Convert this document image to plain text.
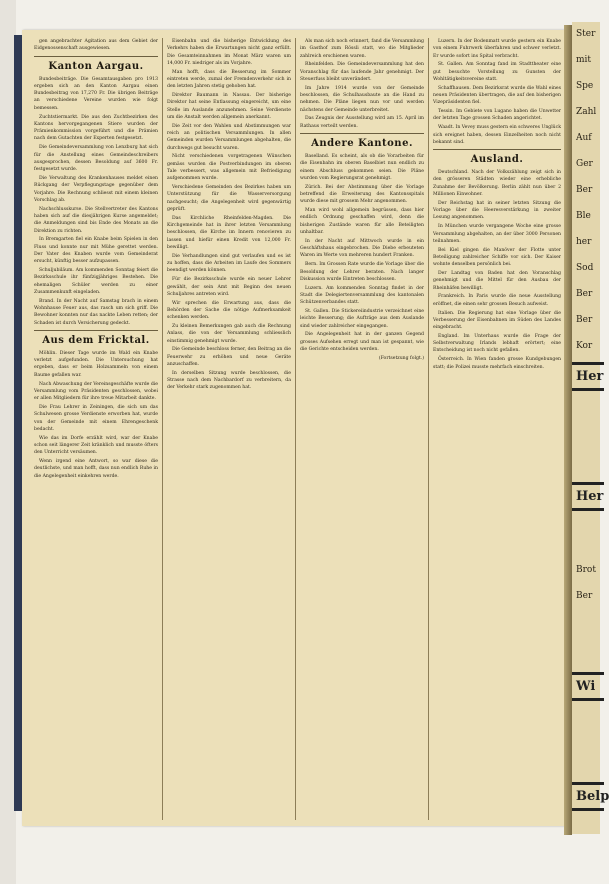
gen angebrachter Agitation aus dem Gebiet der Eidgenossenschaft ausgewiesen.

Kanton Aargau.

Bundesbeiträge. Die Gesamtausgaben pro 1913 ergeben sich an den Kanton Aargau einen Bundesbeitrag von 17,270 Fr. Die übrigen Beiträge an verschiedene Vereine wurden wie folgt bemessen.

Zuchtstiermarkt. Die aus den Zuchtbezirken des Kantons hervorgegangenen Stiere wurden der Prämienkommission vorgeführt und die Prämien nach dem Gutachten der Experten festgesetzt.

Die Gemeindeversammlung von Lenzburg hat sich für die Anstellung eines Gemeindeschreibers ausgesprochen, dessen Besoldung auf 3600 Fr. festgesetzt wurde.

Die Verwaltung des Krankenhauses meldet einen Rückgang der Verpflegungstage gegenüber dem Vorjahre. Die Rechnung schliesst mit einem kleinen Vorschlag ab.

Nachschlusskurse. Die Stellvertreter des Kantons haben sich auf die diesjährigen Kurse angemeldet; die Anmeldungen sind bis Ende des Monats an die Direktion zu richten.

In Bremgarten fiel ein Knabe beim Spielen in den Fluss und konnte nur mit Mühe gerettet werden. Der Vater des Knaben wurde vom Gemeinderat ersucht, künftig besser aufzupassen.

Schuljubiläum. Am kommenden Sonntag feiert die Bezirksschule ihr fünfzigjähriges Bestehen. Die ehemaligen Schüler werden zu einer Zusammenkunft eingeladen.

Brand. In der Nacht auf Samstag brach in einem Wohnhause Feuer aus, das rasch um sich griff. Die Bewohner konnten nur das nackte Leben retten; der Schaden ist durch Versicherung gedeckt.

Aus dem Fricktal.

Möhlin. Dieser Tage wurde im Wald ein Knabe verletzt aufgefunden. Die Untersuchung hat ergeben, dass er beim Holzsammeln von einem Baume gefallen war.

Nach Abwaschung der Vereinsgeschäfte wurde die Versammlung vom Präsidenten geschlossen, wobei er allen Mitgliedern für ihre treue Mitarbeit dankte.

Die Frau Lehrer in Zeiningen, die sich um das Schulwesen grosse Verdienste erworben hat, wurde von der Gemeinde mit einem Ehrengeschenk bedacht.

Wie das im Dorfe erzählt wird, war der Knabe schon seit längerer Zeit kränklich und musste öfters den Unterricht versäumen.

Wenn irgend eine Antwort, so war diese die deutlichste, und man hofft, dass nun endlich Ruhe in die Angelegenheit einkehren werde.

Eisenbahn und die bisherige Entwicklung des Verkehrs haben die Erwartungen nicht ganz erfüllt. Die Gesamteinnahmen im Monat März waren um 14,000 Fr. niedriger als im Vorjahre.

Man hofft, dass die Besserung im Sommer eintreten werde, zumal der Fremdenverkehr sich in den letzten Jahren stetig gehoben hat.

Direktor Baumann in Nassau. Der bisherige Direktor hat seine Entlassung eingereicht, um eine Stelle im Auslande anzunehmen. Seine Verdienste um die Anstalt werden allgemein anerkannt.

Die Zeit vor den Wahlen und Abstimmungen war reich an politischen Versammlungen. In allen Gemeinden wurden Versammlungen abgehalten, die durchwegs gut besucht waren.

Nicht verschiedenen vorgetragenen Wünschen gemäss wurden die Postverbindungen im oberen Tale verbessert, was allgemein mit Befriedigung aufgenommen wurde.

Verschiedene Gemeinden des Bezirkes haben um Unterstützung für die Wasserversorgung nachgesucht; die Angelegenheit wird gegenwärtig geprüft.

Das Kirchliche Rheinfelden-Magden. Die Kirchgemeinde hat in ihrer letzten Versammlung beschlossen, die Kirche im Innern renovieren zu lassen und hiefür einen Kredit von 12,000 Fr. bewilligt.

Die Verhandlungen sind gut verlaufen und es ist zu hoffen, dass die Arbeiten im Laufe des Sommers beendigt werden können.

Für die Bezirksschule wurde ein neuer Lehrer gewählt, der sein Amt mit Beginn des neuen Schuljahres antreten wird.

Wir sprechen die Erwartung aus, dass die Behörden der Sache die nötige Aufmerksamkeit schenken werden.

Zu kleinen Bemerkungen gab auch die Rechnung Anlass, die von der Versammlung schliesslich einstimmig genehmigt wurde.

Die Gemeinde beschloss ferner, den Beitrag an die Feuerwehr zu erhöhen und neue Geräte anzuschaffen.

In derselben Sitzung wurde beschlossen, die Strasse nach dem Nachbardorf zu verbreitern, da der Verkehr stark zugenommen hat.

Als man sich noch erinnert, fand die Versammlung im Gasthof zum Rössli statt, wo die Mitglieder zahlreich erschienen waren.

Rheinfelden. Die Gemeindeversammlung hat den Voranschlag für das laufende Jahr genehmigt. Der Steuerfuss bleibt unverändert.

Im Jahre 1914 wurde von der Gemeinde beschlossen, die Schulhausbaute an die Hand zu nehmen. Die Pläne liegen nun vor und werden nächstens der Gemeinde unterbreitet.

Das Zeugnis der Ausstellung wird am 15. April im Rathaus verteilt werden.

Andere Kantone.

Baselland. Es scheint, als ob die Vorarbeiten für die Eisenbahn im oberen Baselbiet nun endlich zu einem Abschluss gekommen seien. Die Pläne wurden vom Regierungsrat genehmigt.

Zürich. Bei der Abstimmung über die Vorlage betreffend die Erweiterung des Kantonsspitals wurde diese mit grossem Mehr angenommen.

Man wird wohl allgemein begrüssen, dass hier endlich Ordnung geschaffen wird, denn die bisherigen Zustände waren für alle Beteiligten unhaltbar.

In der Nacht auf Mittwoch wurde in ein Geschäftshaus eingebrochen. Die Diebe erbeuteten Waren im Werte von mehreren hundert Franken.

Bern. Im Grossen Rate wurde die Vorlage über die Besoldung der Lehrer beraten. Nach langer Diskussion wurde Eintreten beschlossen.

Luzern. Am kommenden Sonntag findet in der Stadt die Delegiertenversammlung des kantonalen Schützenverbandes statt.

St. Gallen. Die Stickereiindustrie verzeichnet eine leichte Besserung; die Aufträge aus dem Auslande sind wieder zahlreicher eingegangen.

Die Angelegenheit hat in der ganzen Gegend grosses Aufsehen erregt und man ist gespannt, wie die Gerichte entscheiden werden.

(Fortsetzung folgt.)

Luzern. In der Bodenmatt wurde gestern ein Knabe von einem Fuhrwerk überfahren und schwer verletzt. Er wurde sofort ins Spital verbracht.

St. Gallen. Am Sonntag fand im Stadttheater eine gut besuchte Vorstellung zu Gunsten der Wohltätigkeitsvereine statt.

Schaffhausen. Dem Bezirksrat wurde die Wahl eines neuen Präsidenten übertragen, die auf den bisherigen Vizepräsidenten fiel.

Tessin. Im Gebiete von Lugano haben die Unwetter der letzten Tage grossen Schaden angerichtet.

Waadt. In Vevey muss gestern ein schweres Unglück sich ereignet haben, dessen Einzelheiten noch nicht bekannt sind.

Ausland.

Deutschland. Nach der Volkszählung zeigt sich in den grösseren Städten wieder eine erhebliche Zunahme der Bevölkerung. Berlin zählt nun über 2 Millionen Einwohner.

Der Reichstag hat in seiner letzten Sitzung die Vorlage über die Heeresverstärkung in zweiter Lesung angenommen.

In München wurde vergangene Woche eine grosse Versammlung abgehalten, an der über 3000 Personen teilnahmen.

Bei Kiel gingen die Manöver der Flotte unter Beteiligung zahlreicher Schiffe vor sich. Der Kaiser wohnte denselben persönlich bei.

Der Landtag von Baden hat den Voranschlag genehmigt und die Mittel für den Ausbau der Rheinhäfen bewilligt.

Frankreich. In Paris wurde die neue Ausstellung eröffnet, die einen sehr grossen Besuch aufweist.

Italien. Die Regierung hat eine Vorlage über die Verbesserung der Eisenbahnen im Süden des Landes eingebracht.

England. Im Unterhaus wurde die Frage der Selbstverwaltung Irlands lebhaft erörtert; eine Entscheidung ist noch nicht gefallen.

Österreich. In Wien fanden grosse Kundgebungen statt; die Polizei musste mehrfach einschreiten.

Ster
mit
Spe
Zahl
Auf
Ger
Ber
Ble
her
Sod
Ber
Ber
Kor
Her
Her
Brot
Ber
Wi
Belp
